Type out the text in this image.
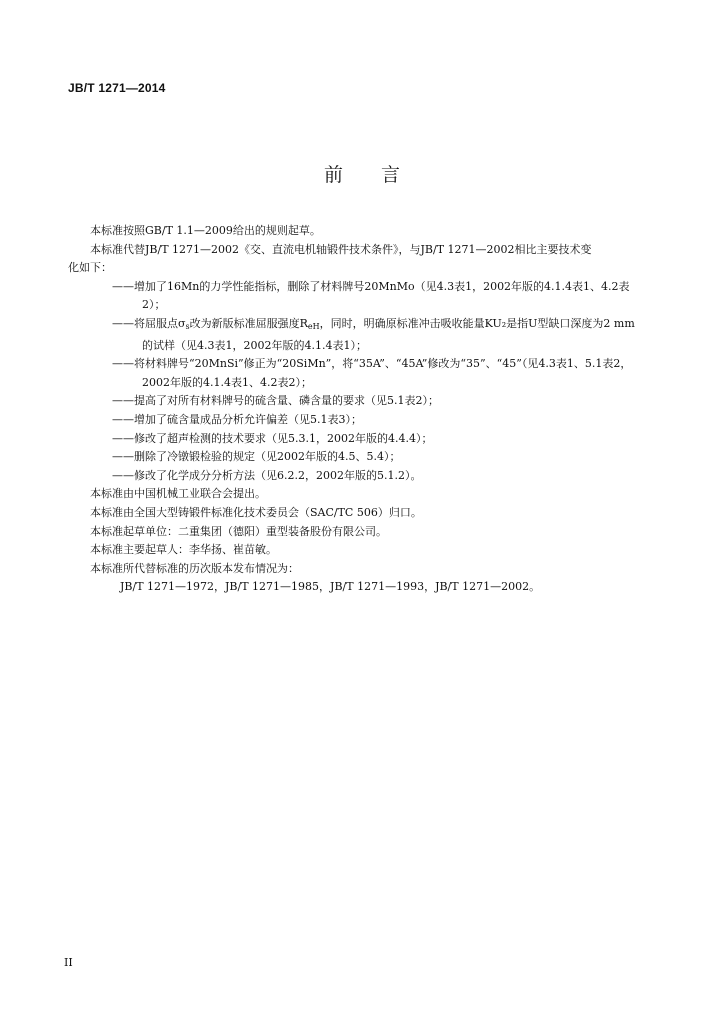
JB/T 1271—2014
前言

本标准按照GB/T 1.1—2009给出的规则起草。

本标准代替JB/T 1271—2002《交、直流电机轴锻件技术条件》，与JB/T 1271—2002相比主要技术变

化如下：

——增加了16Mn的力学性能指标，删除了材料牌号20MnMo（见4.3表1，2002年版的4.1.4表1、4.2表2）；
——将屈服点$\sigma_s$改为新版标准屈服强度$R_{eH}$，同时，明确原标准冲击吸收能量KU₂是指U型缺口深度为2 mm的试样（见4.3表1，2002年版的4.1.4表1）；
——将材料牌号“20MnSi”修正为“20SiMn”，将“35A”、“45A”修改为“35”、“45”（见4.3表1、5.1表2，2002年版的4.1.4表1、4.2表2）；
——提高了对所有材料牌号的硫含量、磷含量的要求（见5.1表2）；
——增加了硫含量成品分析允许偏差（见5.1表3）；
——修改了超声检测的技术要求（见5.3.1，2002年版的4.4.4）；
——删除了冷镦锻检验的规定（见2002年版的4.5、5.4）；
——修改了化学成分分析方法（见6.2.2，2002年版的5.1.2）。

本标准由中国机械工业联合会提出。

本标准由全国大型铸锻件标准化技术委员会（SAC/TC 506）归口。

本标准起草单位：二重集团（德阳）重型装备股份有限公司。

本标准主要起草人：李华扬、崔苗敏。

本标准所代替标准的历次版本发布情况为：

JB/T 1271—1972，JB/T 1271—1985，JB/T 1271—1993，JB/T 1271—2002。

II
